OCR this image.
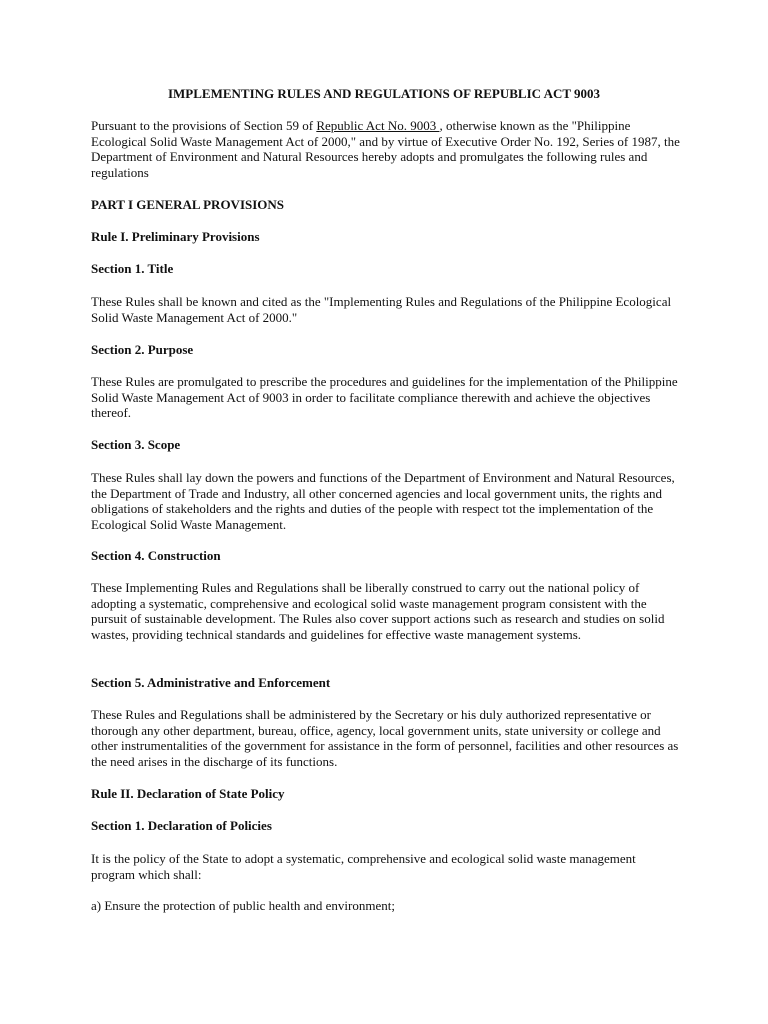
IMPLEMENTING RULES AND REGULATIONS OF REPUBLIC ACT 9003

Pursuant to the provisions of Section 59 of Republic Act No. 9003 , otherwise known as the "Philippine Ecological Solid Waste Management Act of 2000," and by virtue of Executive Order No. 192, Series of 1987, the Department of Environment and Natural Resources hereby adopts and promulgates the following rules and regulations

PART I GENERAL PROVISIONS

Rule I. Preliminary Provisions

Section 1. Title

These Rules shall be known and cited as the "Implementing Rules and Regulations of the Philippine Ecological Solid Waste Management Act of 2000."

Section 2. Purpose

These Rules are promulgated to prescribe the procedures and guidelines for the implementation of the Philippine Solid Waste Management Act of 9003 in order to facilitate compliance therewith and achieve the objectives thereof.

Section 3. Scope

These Rules shall lay down the powers and functions of the Department of Environment and Natural Resources, the Department of Trade and Industry, all other concerned agencies and local government units, the rights and obligations of stakeholders and the rights and duties of the people with respect tot the implementation of the Ecological Solid Waste Management.

Section 4. Construction

These Implementing Rules and Regulations shall be liberally construed to carry out the national policy of adopting a systematic, comprehensive and ecological solid waste management program consistent with the pursuit of sustainable development. The Rules also cover support actions such as research and studies on solid wastes, providing technical standards and guidelines for effective waste management systems.

Section 5. Administrative and Enforcement

These Rules and Regulations shall be administered by the Secretary or his duly authorized representative or thorough any other department, bureau, office, agency, local government units, state university or college and other instrumentalities of the government for assistance in the form of personnel, facilities and other resources as the need arises in the discharge of its functions.

Rule II. Declaration of State Policy

Section 1. Declaration of Policies

It is the policy of the State to adopt a systematic, comprehensive and ecological solid waste management program which shall:

a) Ensure the protection of public health and environment;
